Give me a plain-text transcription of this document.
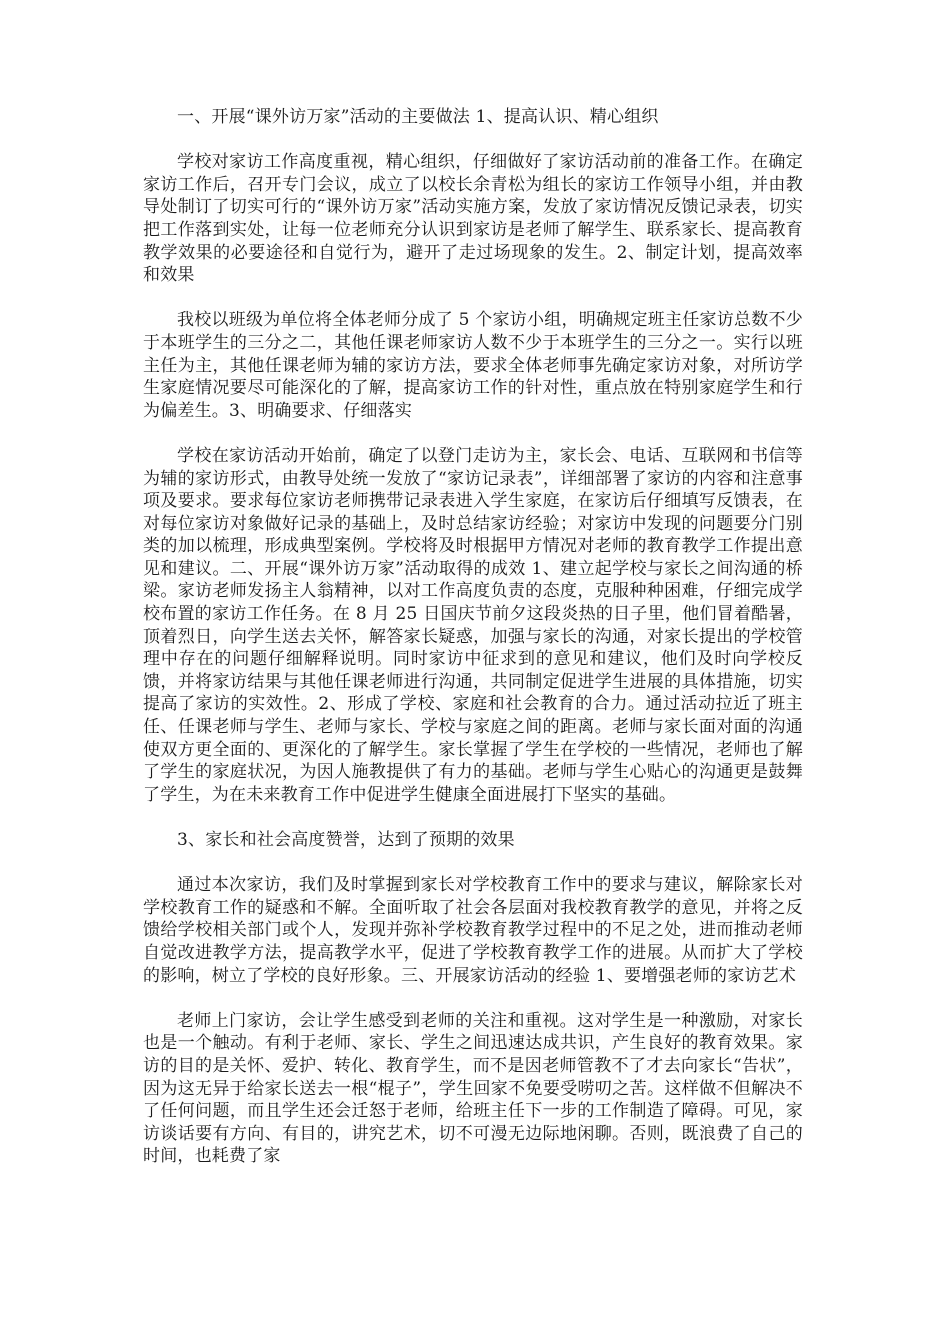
一、开展“课外访万家”活动的主要做法 1、提高认识、精心组织

学校对家访工作高度重视，精心组织，仔细做好了家访活动前的准备工作。在确定家访工作后，召开专门会议，成立了以校长余青松为组长的家访工作领导小组，并由教导处制订了切实可行的“课外访万家”活动实施方案，发放了家访情况反馈记录表，切实把工作落到实处，让每一位老师充分认识到家访是老师了解学生、联系家长、提高教育教学效果的必要途径和自觉行为，避开了走过场现象的发生。2、制定计划，提高效率和效果

我校以班级为单位将全体老师分成了 5 个家访小组，明确规定班主任家访总数不少于本班学生的三分之二，其他任课老师家访人数不少于本班学生的三分之一。实行以班主任为主，其他任课老师为辅的家访方法，要求全体老师事先确定家访对象，对所访学生家庭情况要尽可能深化的了解，提高家访工作的针对性，重点放在特别家庭学生和行为偏差生。3、明确要求、仔细落实

学校在家访活动开始前，确定了以登门走访为主，家长会、电话、互联网和书信等为辅的家访形式，由教导处统一发放了“家访记录表”，详细部署了家访的内容和注意事项及要求。要求每位家访老师携带记录表进入学生家庭，在家访后仔细填写反馈表，在对每位家访对象做好记录的基础上，及时总结家访经验；对家访中发现的问题要分门别类的加以梳理，形成典型案例。学校将及时根据甲方情况对老师的教育教学工作提出意见和建议。二、开展“课外访万家”活动取得的成效 1、建立起学校与家长之间沟通的桥梁。家访老师发扬主人翁精神，以对工作高度负责的态度，克服种种困难，仔细完成学校布置的家访工作任务。在 8 月 25 日国庆节前夕这段炎热的日子里，他们冒着酷暑，顶着烈日，向学生送去关怀，解答家长疑惑，加强与家长的沟通，对家长提出的学校管理中存在的问题仔细解释说明。同时家访中征求到的意见和建议，他们及时向学校反馈，并将家访结果与其他任课老师进行沟通，共同制定促进学生进展的具体措施，切实提高了家访的实效性。2、形成了学校、家庭和社会教育的合力。通过活动拉近了班主任、任课老师与学生、老师与家长、学校与家庭之间的距离。老师与家长面对面的沟通使双方更全面的、更深化的了解学生。家长掌握了学生在学校的一些情况，老师也了解了学生的家庭状况，为因人施教提供了有力的基础。老师与学生心贴心的沟通更是鼓舞了学生，为在未来教育工作中促进学生健康全面进展打下坚实的基础。

3、家长和社会高度赞誉，达到了预期的效果

通过本次家访，我们及时掌握到家长对学校教育工作中的要求与建议，解除家长对学校教育工作的疑惑和不解。全面听取了社会各层面对我校教育教学的意见，并将之反馈给学校相关部门或个人，发现并弥补学校教育教学过程中的不足之处，进而推动老师自觉改进教学方法，提高教学水平，促进了学校教育教学工作的进展。从而扩大了学校的影响，树立了学校的良好形象。三、开展家访活动的经验 1、要增强老师的家访艺术

老师上门家访，会让学生感受到老师的关注和重视。这对学生是一种激励，对家长也是一个触动。有利于老师、家长、学生之间迅速达成共识，产生良好的教育效果。家访的目的是关怀、爱护、转化、教育学生，而不是因老师管教不了才去向家长“告状”，因为这无异于给家长送去一根“棍子”，学生回家不免要受唠叨之苦。这样做不但解决不了任何问题，而且学生还会迁怒于老师，给班主任下一步的工作制造了障碍。可见，家访谈话要有方向、有目的，讲究艺术，切不可漫无边际地闲聊。否则，既浪费了自己的时间，也耗费了家
